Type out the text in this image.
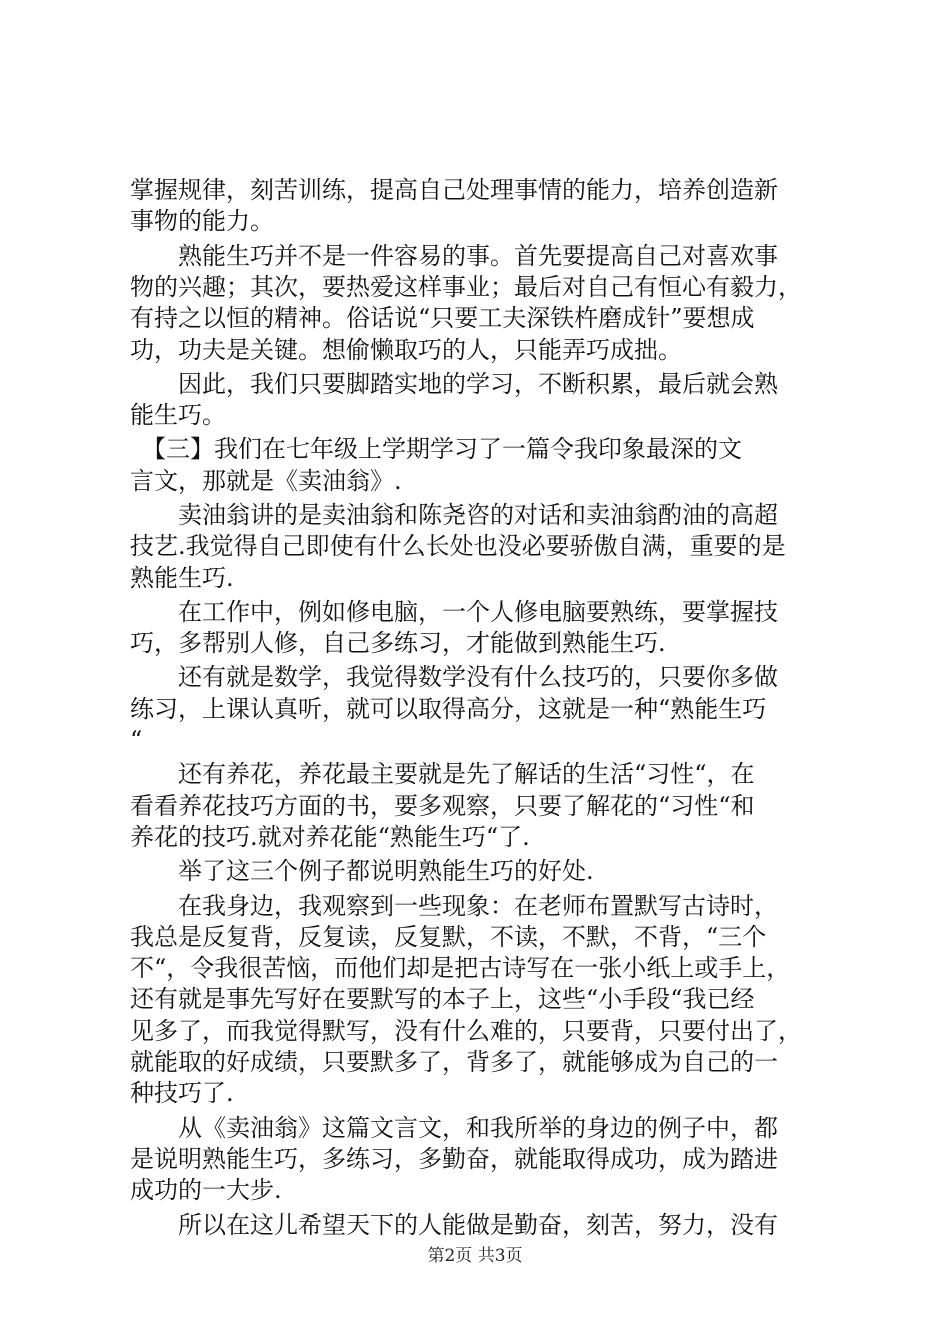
掌握规律，刻苦训练，提高自己处理事情的能力，培养创造新
事物的能力。
　　熟能生巧并不是一件容易的事。首先要提高自己对喜欢事
物的兴趣；其次，要热爱这样事业；最后对自己有恒心有毅力，
有持之以恒的精神。俗话说“只要工夫深铁杵磨成针”要想成
功，功夫是关键。想偷懒取巧的人，只能弄巧成拙。
　　因此，我们只要脚踏实地的学习，不断积累，最后就会熟
能生巧。
　【三】我们在七年级上学期学习了一篇令我印象最深的文
言文，那就是《卖油翁》.
　　卖油翁讲的是卖油翁和陈尧咨的对话和卖油翁酌油的高超
技艺.我觉得自己即使有什么长处也没必要骄傲自满，重要的是
熟能生巧.
　　在工作中，例如修电脑，一个人修电脑要熟练，要掌握技
巧，多帮别人修，自己多练习，才能做到熟能生巧.
　　还有就是数学，我觉得数学没有什么技巧的，只要你多做
练习，上课认真听，就可以取得高分，这就是一种“熟能生巧
“
　　还有养花，养花最主要就是先了解话的生活“习性“，在
看看养花技巧方面的书，要多观察，只要了解花的“习性“和
养花的技巧.就对养花能“熟能生巧“了.
　　举了这三个例子都说明熟能生巧的好处.
　　在我身边，我观察到一些现象：在老师布置默写古诗时，
我总是反复背，反复读，反复默，不读，不默，不背，“三个
不“，令我很苦恼，而他们却是把古诗写在一张小纸上或手上，
还有就是事先写好在要默写的本子上，这些“小手段“我已经
见多了，而我觉得默写，没有什么难的，只要背，只要付出了，
就能取的好成绩，只要默多了，背多了，就能够成为自己的一
种技巧了.
　　从《卖油翁》这篇文言文，和我所举的身边的例子中，都
是说明熟能生巧，多练习，多勤奋，就能取得成功，成为踏进
成功的一大步.
　　所以在这儿希望天下的人能做是勤奋，刻苦，努力，没有
第2页 共3页
